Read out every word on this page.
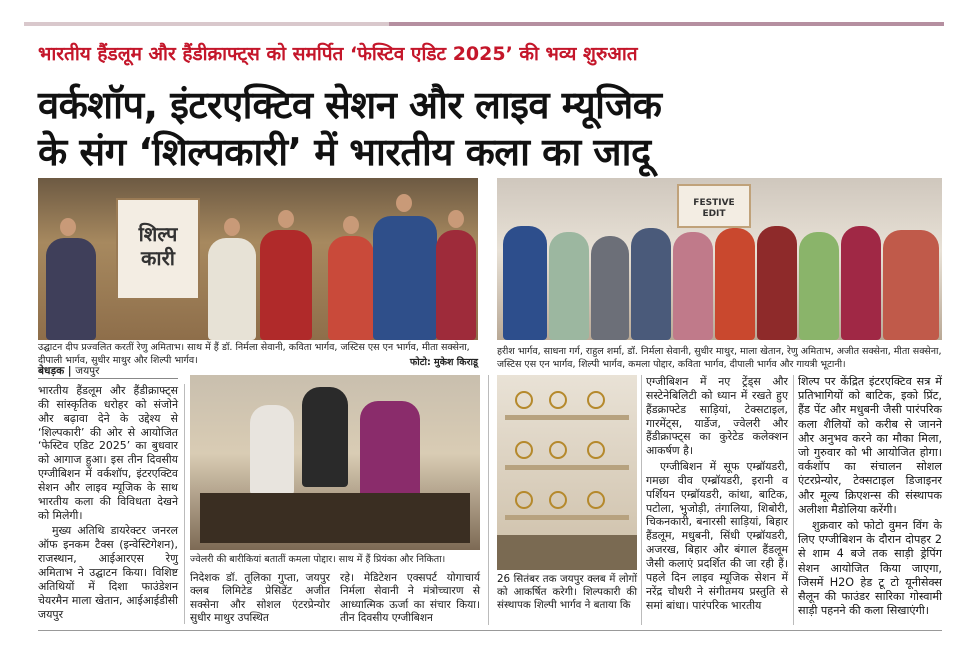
भारतीय हैंडलूम और हैंडीक्राफ्ट्स को समर्पित ‘फेस्टिव एडिट 2025’ की भव्य शुरुआत
वर्कशॉप, इंटरएक्टिव सेशन और लाइव म्यूजिक
के संग ‘शिल्पकारी’ में भारतीय कला का जादू
शिल्प कारी
उद्घाटन दीप प्रज्वलित करतीं रेणु अमिताभ। साथ में हैं डॉ. निर्मला सेवानी, कविता भार्गव, जस्टिस एस एन भार्गव, मीता सक्सेना, दीपाली भार्गव, सुधीर माथुर और शिल्पी भार्गव।	फोटो: मुकेश किराडू
FESTIVE EDIT
हरीश भार्गव, साधना गर्ग, राहुल शर्मा, डॉ. निर्मला सेवानी, सुधीर माथुर, माला खेतान, रेणु अमिताभ, अजीत सक्सेना, मीता सक्सेना, जस्टिस एस एन भार्गव, शिल्पी भार्गव, कमला पोद्दार, कविता भार्गव, दीपाली भार्गव और गायत्री भूटानी।
बेधड़क | जयपुर

भारतीय हैंडलूम और हैंडीक्राफ्ट्स की सांस्कृतिक धरोहर को संजोने और बढ़ावा देने के उद्देश्य से ‘शिल्पकारी’ की ओर से आयोजित ‘फेस्टिव एडिट 2025’ का बुधवार को आगाज हुआ। इस तीन दिवसीय एग्जीबिशन में वर्कशॉप, इंटरएक्टिव सेशन और लाइव म्यूजिक के साथ भारतीय कला की विविधता देखने को मिलेगी।

मुख्य अतिथि डायरेक्टर जनरल ऑफ इनकम टैक्स (इन्वेस्टिगेशन), राजस्थान, आईआरएस रेणु अमिताभ ने उद्घाटन किया। विशिष्ट अतिथियों में दिशा फाउंडेशन चेयरमैन माला खेतान, आईआईडीसी जयपुर

ज्वेलरी की बारीकियां बतातीं कमला पोद्दार। साथ में हैं प्रियंका और निकिता।

निदेशक डॉ. तूलिका गुप्ता, जयपुर क्लब लिमिटेड प्रेसिडेंट अजीत सक्सेना और सोशल एंटरप्रेन्योर सुधीर माथुर उपस्थित

रहे। मेडिटेशन एक्सपर्ट योगाचार्य निर्मला सेवानी ने मंत्रोच्चारण से आध्यात्मिक ऊर्जा का संचार किया। तीन दिवसीय एग्जीबिशन

26 सितंबर तक जयपुर क्लब में लोगों को आकर्षित करेगी। शिल्पकारी की संस्थापक शिल्पी भार्गव ने बताया कि

एग्जीबिशन में नए ट्रेंड्स और सस्टेनेबिलिटी को ध्यान में रखते हुए हैंडक्राफ्टेड साड़ियां, टेक्सटाइल, गारमेंट्स, यार्डेज, ज्वेलरी और हैंडीक्राफ्ट्स का कुरेटेड कलेक्शन आकर्षण है।

एग्जीबिशन में सूफ एम्ब्रॉयडरी, गमछा वीव एम्ब्रॉयडरी, इरानी व पर्शियन एम्ब्रॉयडरी, कांथा, बाटिक, पटोला, भुजोड़ी, तंगालिया, शिबोरी, चिकनकारी, बनारसी साड़ियां, बिहार हैंडलूम, मधुबनी, सिंधी एम्ब्रॉयडरी, अजरख, बिहार और बंगाल हैंडलूम जैसी कलाएं प्रदर्शित की जा रही हैं। पहले दिन लाइव म्यूजिक सेशन में नरेंद्र चौधरी ने संगीतमय प्रस्तुति से समां बांधा। पारंपरिक भारतीय

शिल्प पर केंद्रित इंटरएक्टिव सत्र में प्रतिभागियों को बाटिक, इको प्रिंट, हैंड पेंट और मधुबनी जैसी पारंपरिक कला शैलियों को करीब से जानने और अनुभव करने का मौका मिला, जो गुरुवार को भी आयोजित होगा। वर्कशॉप का संचालन सोशल एंटरप्रेन्योर, टेक्सटाइल डिजाइनर और मूल्य क्रिएशन्स की संस्थापक अलीशा मैडोलिया करेंगी।

शुक्रवार को फोटो वुमन विंग के लिए एग्जीबिशन के दौरान दोपहर 2 से शाम 4 बजे तक साड़ी ड्रेपिंग सेशन आयोजित किया जाएगा, जिसमें H2O हेड टू टो यूनीसेक्स सैलून की फाउंडर सारिका गोस्वामी साड़ी पहनने की कला सिखाएंगी।
